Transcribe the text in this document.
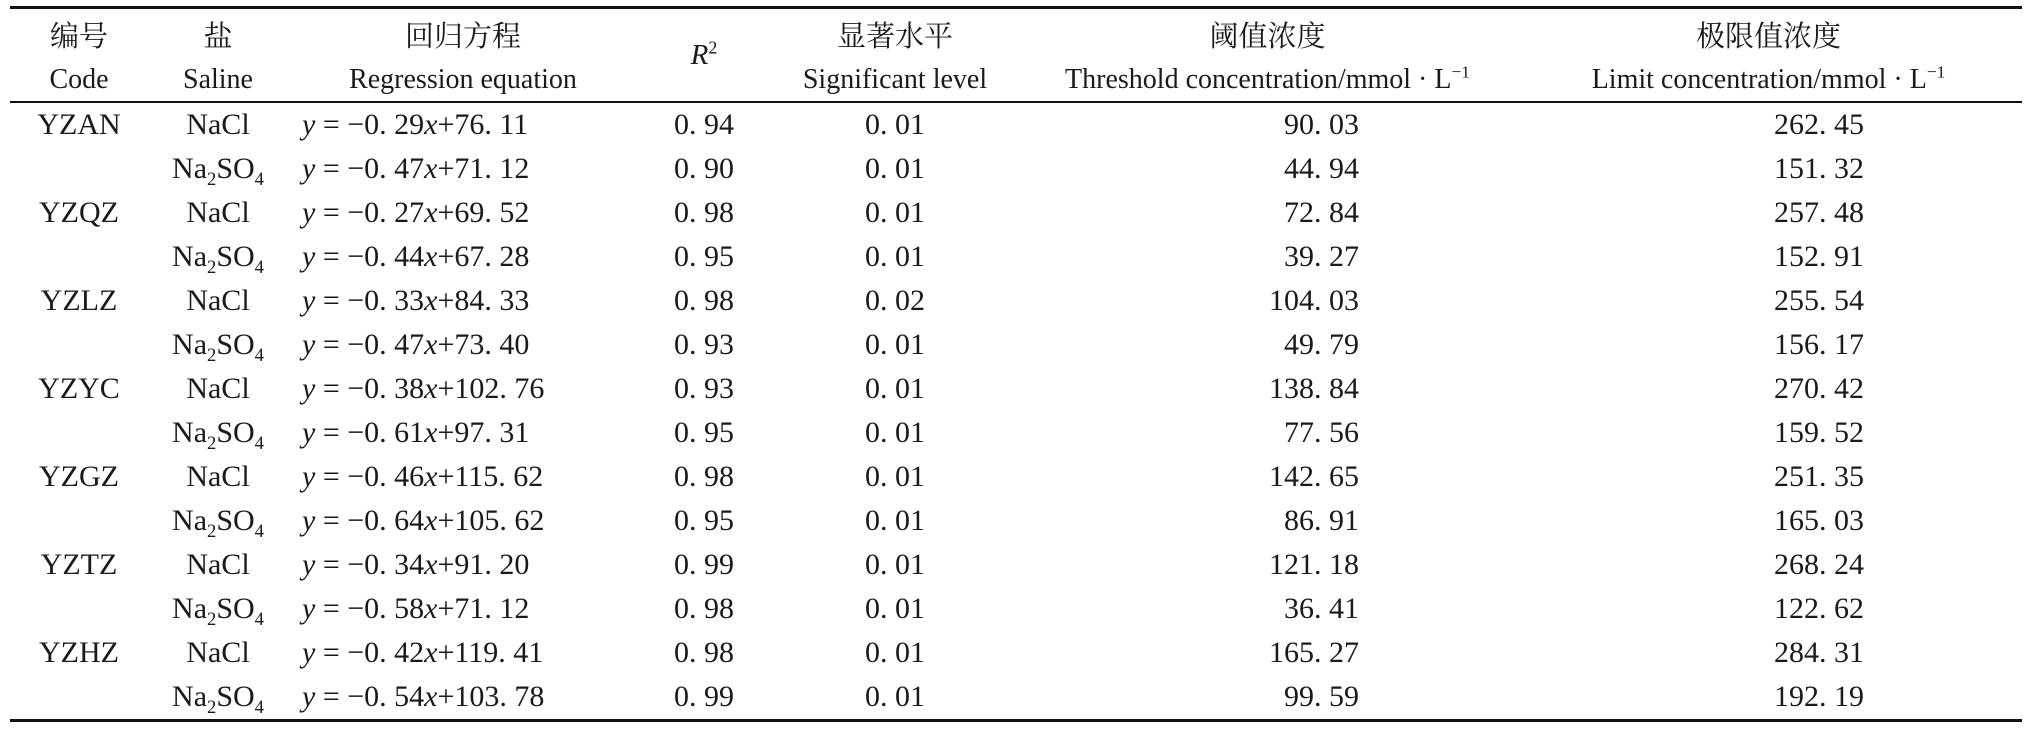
编号	盐	回归方程	$R^2$	显著水平	阈值浓度	极限值浓度
Code	Saline	Regression equation		Significant level	Threshold concentration/mmol · $L^{-1}$	Limit concentration/mmol · $L^{-1}$
YZAN	NaCl	y = −0. 29x+76. 11	0. 94	0. 01	90. 03	262. 45
	$Na_2SO_4$	y = −0. 47x+71. 12	0. 90	0. 01	44. 94	151. 32
YZQZ	NaCl	y = −0. 27x+69. 52	0. 98	0. 01	72. 84	257. 48
	$Na_2SO_4$	y = −0. 44x+67. 28	0. 95	0. 01	39. 27	152. 91
YZLZ	NaCl	y = −0. 33x+84. 33	0. 98	0. 02	104. 03	255. 54
	$Na_2SO_4$	y = −0. 47x+73. 40	0. 93	0. 01	49. 79	156. 17
YZYC	NaCl	y = −0. 38x+102. 76	0. 93	0. 01	138. 84	270. 42
	$Na_2SO_4$	y = −0. 61x+97. 31	0. 95	0. 01	77. 56	159. 52
YZGZ	NaCl	y = −0. 46x+115. 62	0. 98	0. 01	142. 65	251. 35
	$Na_2SO_4$	y = −0. 64x+105. 62	0. 95	0. 01	86. 91	165. 03
YZTZ	NaCl	y = −0. 34x+91. 20	0. 99	0. 01	121. 18	268. 24
	$Na_2SO_4$	y = −0. 58x+71. 12	0. 98	0. 01	36. 41	122. 62
YZHZ	NaCl	y = −0. 42x+119. 41	0. 98	0. 01	165. 27	284. 31
	$Na_2SO_4$	y = −0. 54x+103. 78	0. 99	0. 01	99. 59	192. 19
